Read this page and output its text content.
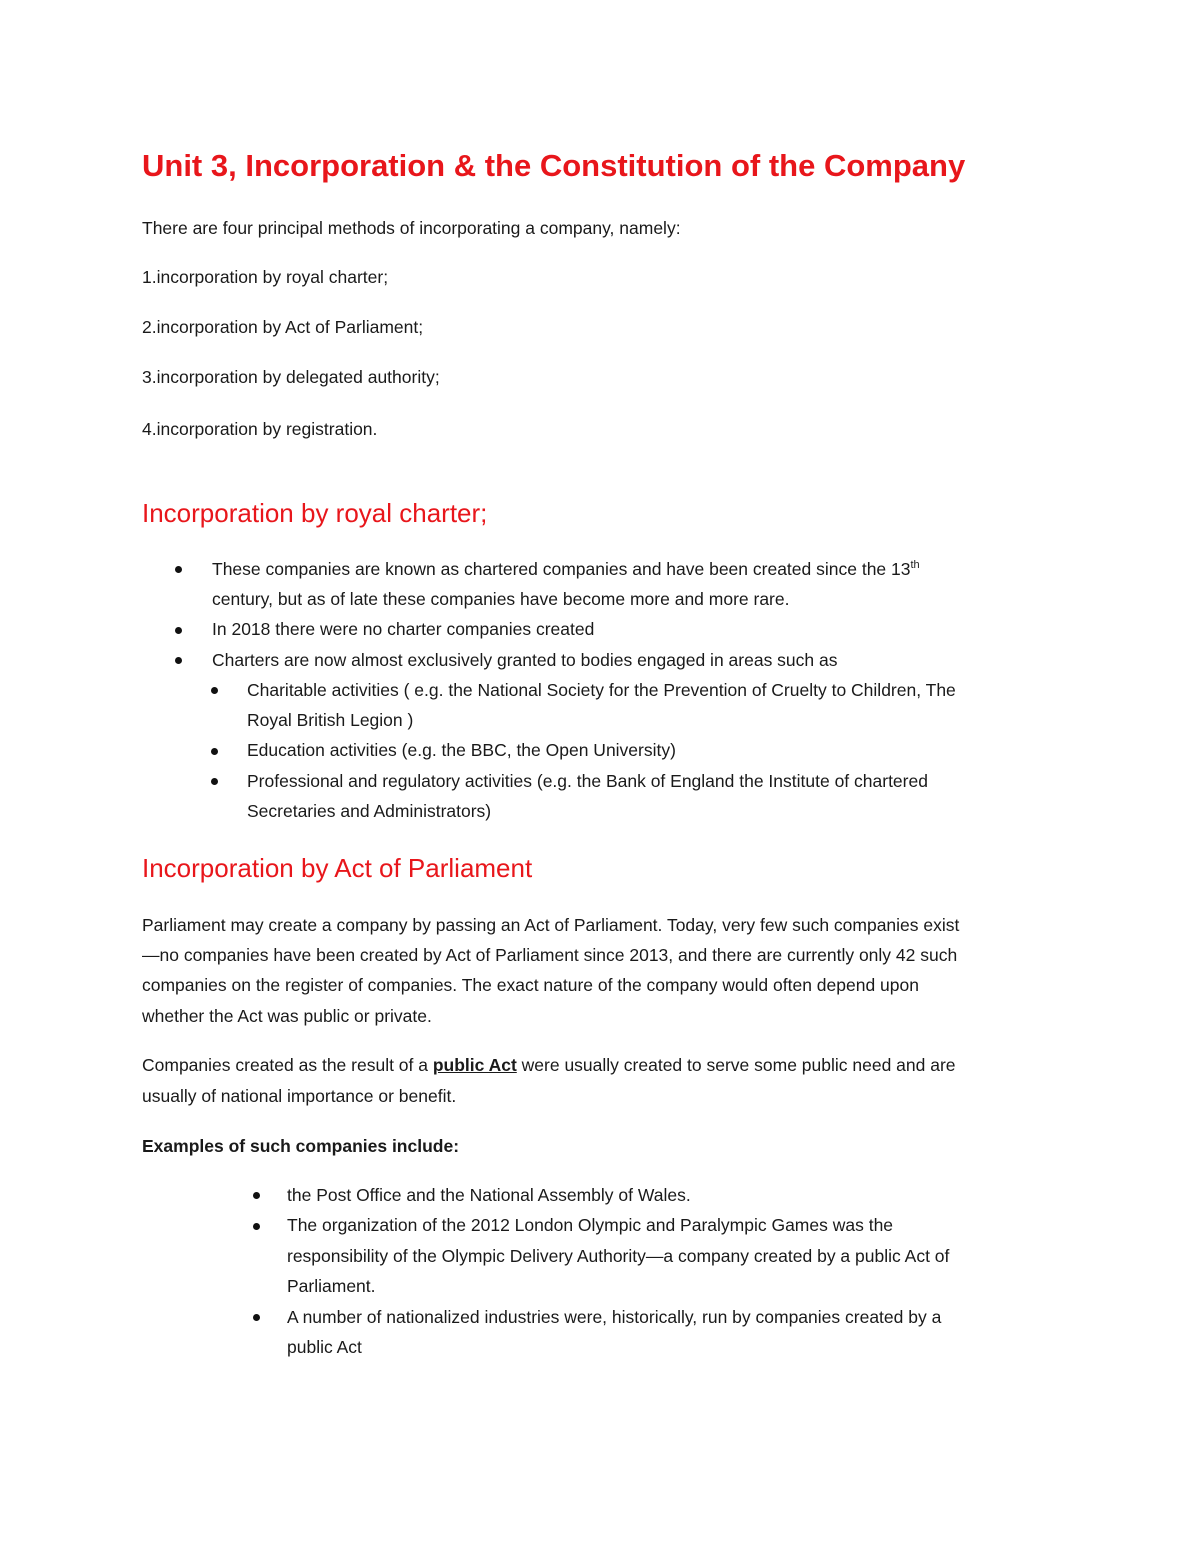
Unit 3, Incorporation & the Constitution of the Company
There are four principal methods of incorporating a company, namely:
1.incorporation by royal charter;
2.incorporation by Act of Parliament;
3.incorporation by delegated authority;
4.incorporation by registration.
Incorporation by royal charter;
These companies are known as chartered companies and have been created since the 13th
century, but as of late these companies have become more and more rare.
In 2018 there were no charter companies created
Charters are now almost exclusively granted to bodies engaged in areas such as
Charitable activities ( e.g. the National Society for the Prevention of Cruelty to Children, The
Royal British Legion )
Education activities (e.g. the BBC, the Open University)
Professional and regulatory activities (e.g. the Bank of England the Institute of chartered
Secretaries and Administrators)
Incorporation by Act of Parliament
Parliament may create a company by passing an Act of Parliament. Today, very few such companies exist
—no companies have been created by Act of Parliament since 2013, and there are currently only 42 such
companies on the register of companies. The exact nature of the company would often depend upon
whether the Act was public or private.
Companies created as the result of a public Act were usually created to serve some public need and are
usually of national importance or benefit.
Examples of such companies include:
the Post Office and the National Assembly of Wales.
The organization of the 2012 London Olympic and Paralympic Games was the
responsibility of the Olympic Delivery Authority—a company created by a public Act of
Parliament.
A number of nationalized industries were, historically, run by companies created by a
public Act
